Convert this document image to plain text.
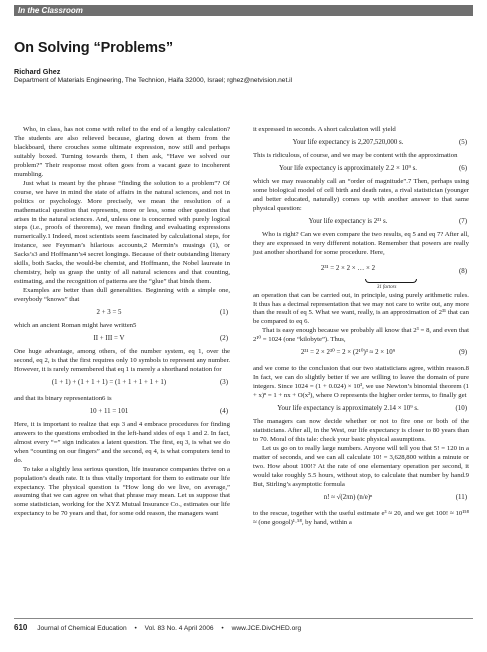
In the Classroom
On Solving “Problems”
Richard Ghez
Department of Materials Engineering, The Technion, Haifa 32000, Israel; rghez@netvision.net.il

Who, in class, has not come with relief to the end of a lengthy calculation? The students are also relieved because, glaring down at them from the blackboard, there crouches some ultimate expression, now still and perhaps suitably boxed. Turning towards them, I then ask, “Have we solved our problem?” Their response most often goes from a vacant gaze to incoherent mumbling.

Just what is meant by the phrase “finding the solution to a problem”? Of course, we have in mind the state of affairs in the natural sciences, and not in politics or psychology. More precisely, we mean the resolution of a mathematical question that represents, more or less, some other question that arises in the natural sciences. And, unless one is concerned with purely logical steps (i.e., proofs of theorems), we mean finding and evaluating expressions numerically.1 Indeed, most scientists seem fascinated by calculational steps, for instance, see Feynman’s hilarious accounts,2 Mermin’s musings (1), or Sacks’s3 and Hoffmann’s4 secret longings. Because of their outstanding literary skills, both Sacks, the would-be chemist, and Hoffmann, the Nobel laureate in chemistry, help us grasp the unity of all natural sciences and that counting, estimating, and the recognition of patterns are the “glue” that binds them.

Examples are better than dull generalities. Beginning with a simple one, everybody “knows” that

2 + 3 = 5	(1)

which an ancient Roman might have written5

II + III = V	(2)

One huge advantage, among others, of the number system, eq 1, over the second, eq 2, is that the first requires only 10 symbols to represent any number. However, it is rarely remembered that eq 1 is merely a shorthand notation for

(1 + 1) + (1 + 1 + 1) = (1 + 1 + 1 + 1 + 1)	(3)

and that its binary representation6 is

10 + 11 = 101	(4)

Here, it is important to realize that eqs 3 and 4 embrace procedures for finding answers to the questions embodied in the left-hand sides of eqs 1 and 2. In fact, almost every “=” sign indicates a latent question. The first, eq 3, is what we do when “counting on our fingers” and the second, eq 4, is what computers tend to do.

To take a slightly less serious question, life insurance companies thrive on a population’s death rate. It is thus vitally important for them to estimate our life expectancy. The physical question is “How long do we live, on average,” assuming that we can agree on what that phrase may mean. Let us suppose that some statistician, working for the XYZ Mutual Insurance Co., estimates our life expectancy to be 70 years and that, for some odd reason, the managers want

it expressed in seconds. A short calculation will yield

Your life expectancy is 2,207,520,000 s.	(5)

This is ridiculous, of course, and we may be content with the approximation

Your life expectancy is approximately 2.2 × 10⁹ s.	(6)

which we may reasonably call an “order of magnitude”.7 Then, perhaps using some biological model of cell birth and death rates, a rival statistician (younger and better educated, naturally) comes up with another answer to that same physical question:

Your life expectancy is 2³¹ s.	(7)

Who is right? Can we even compare the two results, eq 5 and eq 7? After all, they are expressed in very different notation. Remember that powers are really just another shorthand for some procedure. Here,

2³¹ = 2 × 2 × … × 2
31 factors
(8)

an operation that can be carried out, in principle, using purely arithmetic rules. It thus has a decimal representation that we may not care to write out, any more than the result of eq 5. What we want, really, is an approximation of 2³¹ that can be compared to eq 6.

That is easy enough because we probably all know that 2³ = 8, and even that 2¹⁰ = 1024 (one “kilobyte”). Thus,

2³¹ = 2 × 2³⁰ = 2 × (2¹⁰)³ ≈ 2 × 10⁹	(9)

and we come to the conclusion that our two statisticians agree, within reason.8 In fact, we can do slightly better if we are willing to leave the domain of pure integers. Since 1024 = (1 + 0.024) × 10³, we use Newton’s binomial theorem (1 + x)ⁿ = 1 + nx + O(x²), where O represents the higher order terms, to finally get

Your life expectancy is approximately 2.14 × 10⁹ s.	(10)

The managers can now decide whether or not to fire one or both of the statisticians. After all, in the West, our life expectancy is closer to 80 years than to 70. Moral of this tale: check your basic physical assumptions.

Let us go on to really large numbers. Anyone will tell you that 5! = 120 in a matter of seconds, and we can all calculate 10! = 3,628,800 within a minute or two. How about 100!? At the rate of one elementary operation per second, it would take roughly 5.5 hours, without stop, to calculate that number by hand.9 But, Stirling’s asymptotic formula

n! ≈ √(2πn) (n/e)ⁿ	(11)

to the rescue, together with the useful estimate e³ ≈ 20, and we get 100! ≈ 10¹⁵⁸ ≈ (one googol)¹·⁵⁸, by hand, within a

610 Journal of Chemical Education • Vol. 83 No. 4 April 2006 • www.JCE.DivCHED.org
